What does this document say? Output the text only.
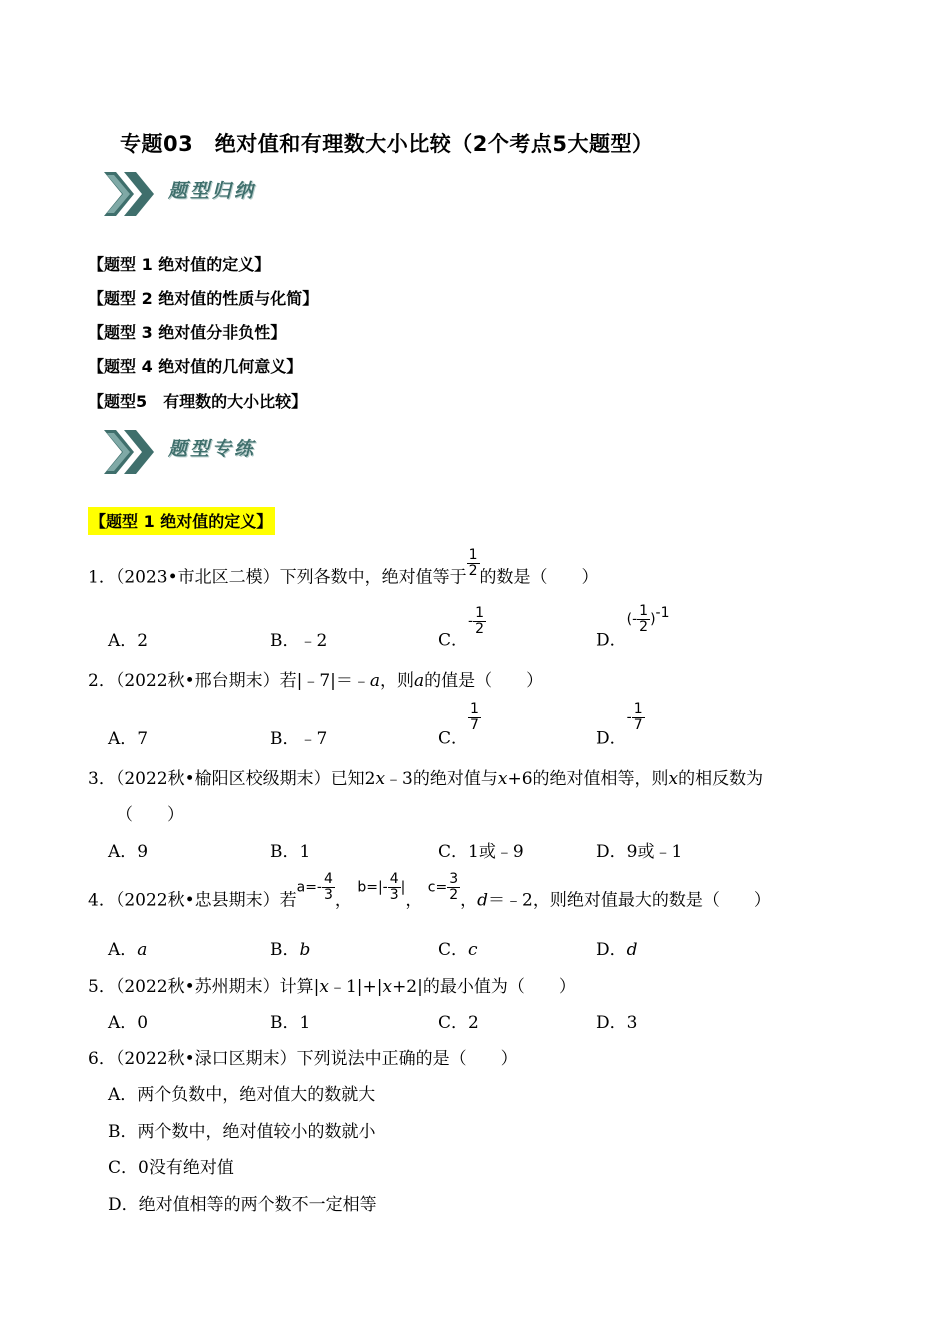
专题03　绝对值和有理数大小比较（2个考点5大题型）
题型归纳
【题型 1 绝对值的定义】
【题型 2 绝对值的性质与化简】
【题型 3 绝对值分非负性】
【题型 4 绝对值的几何意义】
【题型5　有理数的大小比较】
题型专练
【题型 1 绝对值的定义】
1．（2023•市北区二模）下列各数中，绝对值等于 $\frac{1}{2}$ 的数是（　　）
A．2	B．﹣2	C．- $\frac{1}{2}$
D．(- $\frac{1}{2} )^{-1}$
2．（2022秋•邢台期末）若|﹣7|＝﹣a，则a的值是（　　）
A．7	B．﹣7	C．
$\frac{1}{7}$
D．- $\frac{1}{7}$
3．（2022秋•榆阳区校级期末）已知2x﹣3的绝对值与x+6的绝对值相等，则x的相反数为
（　　）
A．9	B．1	C．1或﹣9	D．9或﹣1
4．（2022秋•忠县期末）若$a=- \frac{4}{3}$ ， $b=|- \frac{4}{3}$ |， $c= \frac{3}{2}$ ，d＝﹣2，则绝对值最大的数是（　　）
A．a	B．b	C．c	D．d
5．（2022秋•苏州期末）计算|x﹣1|+|x+2|的最小值为（　　）
A．0	B．1	C．2	D．3
6．（2022秋•渌口区期末）下列说法中正确的是（　　）
A．两个负数中，绝对值大的数就大
B．两个数中，绝对值较小的数就小
C．0没有绝对值
D．绝对值相等的两个数不一定相等
